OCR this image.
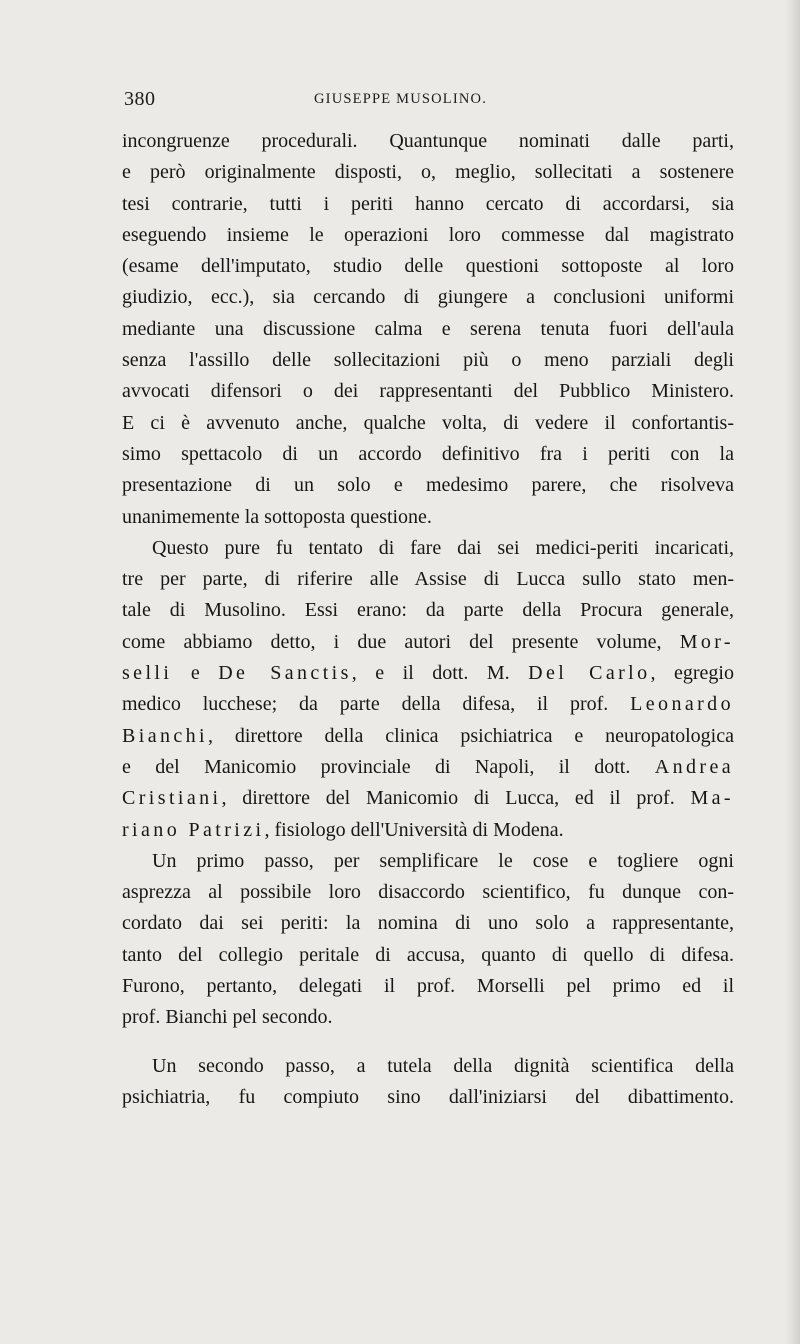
380	GIUSEPPE MUSOLINO.
incongruenze procedurali. Quantunque nominati dalle parti,
e però originalmente disposti, o, meglio, sollecitati a sostenere
tesi contrarie, tutti i periti hanno cercato di accordarsi, sia
eseguendo insieme le operazioni loro commesse dal magistrato
(esame dell'imputato, studio delle questioni sottoposte al loro
giudizio, ecc.), sia cercando di giungere a conclusioni uniformi
mediante una discussione calma e serena tenuta fuori dell'aula
senza l'assillo delle sollecitazioni più o meno parziali degli
avvocati difensori o dei rappresentanti del Pubblico Ministero.
E ci è avvenuto anche, qualche volta, di vedere il confortantis-
simo spettacolo di un accordo definitivo fra i periti con la
presentazione di un solo e medesimo parere, che risolveva
unanimemente la sottoposta questione.
Questo pure fu tentato di fare dai sei medici-periti incaricati,
tre per parte, di riferire alle Assise di Lucca sullo stato men-
tale di Musolino. Essi erano: da parte della Procura generale,
come abbiamo detto, i due autori del presente volume, Mor-
selli e De Sanctis, e il dott. M. Del Carlo, egregio
medico lucchese; da parte della difesa, il prof. Leonardo
Bianchi, direttore della clinica psichiatrica e neuropatologica
e del Manicomio provinciale di Napoli, il dott. Andrea
Cristiani, direttore del Manicomio di Lucca, ed il prof. Ma-
riano Patrizi, fisiologo dell'Università di Modena.
Un primo passo, per semplificare le cose e togliere ogni
asprezza al possibile loro disaccordo scientifico, fu dunque con-
cordato dai sei periti: la nomina di uno solo a rappresentante,
tanto del collegio peritale di accusa, quanto di quello di difesa.
Furono, pertanto, delegati il prof. Morselli pel primo ed il
prof. Bianchi pel secondo.
Un secondo passo, a tutela della dignità scientifica della
psichiatria, fu compiuto sino dall'iniziarsi del dibattimento.
